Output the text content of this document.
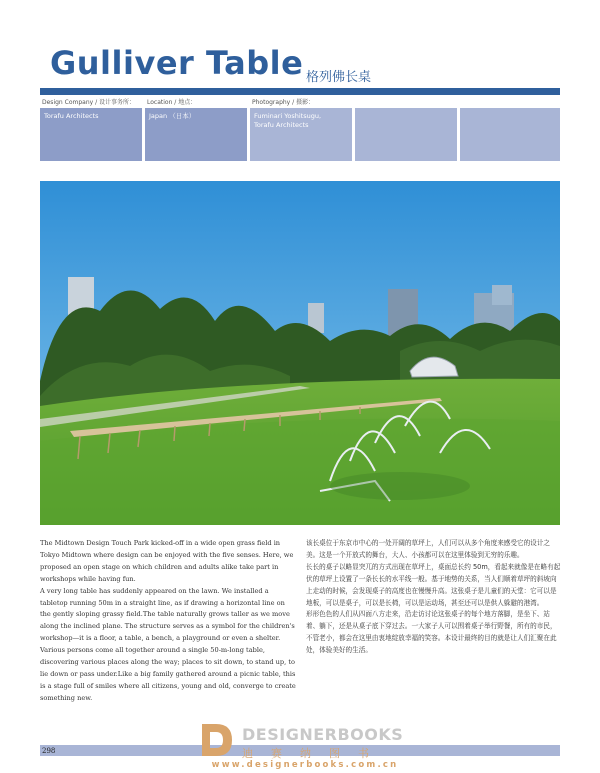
Gulliver Table 格列佛长桌
Design Company / 设计事务所： Location / 地点：	Photography / 摄影：
Torafu Architects	Japan （日本）	Fuminari Yoshitsugu,
Torafu Architects

The Midtown Design Touch Park kicked-off in a wide open grass field in Tokyo Midtown where design can be enjoyed with the five senses. Here, we proposed an open stage on which children and adults alike take part in workshops while having fun.

A very long table has suddenly appeared on the lawn. We installed a tabletop running 50m in a straight line, as if drawing a horizontal line on the gently sloping grassy field.The table naturally grows taller as we move along the inclined plane. The structure serves as a symbol for the children's workshop—it is a floor, a table, a bench, a playground or even a shelter.

Various persons come all together around a single 50-m-long table, discovering various places along the way; places to sit down, to stand up, to lie down or pass under.Like a big family gathered around a picnic table, this is a stage full of smiles where all citizens, young and old, converge to create something new.

该长桌位于东京市中心的一处开阔的草坪上，人们可以从多个角度来感受它的设计之美。这是一个开放式的舞台，大人、小孩都可以在这里体验到无穷的乐趣。

长长的桌子以略显突兀的方式出现在草坪上，桌面总长约 50m，看起来就像是在略有起伏的草坪上设置了一条长长的水平线一般。基于地势的关系，当人们顺着草坪的斜坡向上走动的时候，会发现桌子的高度也在慢慢升高。这张桌子是儿童们的天堂：它可以是地板，可以是桌子，可以是长椅，可以是运动场，甚至还可以是供人躲避的港湾。

形形色色的人们从四面八方走来，沿走访讨论这张桌子的每个地方落脚，是坐下、站着、躺下，还是从桌子底下穿过去。一大家子人可以围着桌子举行野餐，所有的市民，不管老小，都会在这里由衷地绽放幸福的笑容。本设计最终的目的就是让人们汇聚在此处，体验美好的生活。

298
DESIGNERBOOKS
迪赛纳图书
www.designerbooks.com.cn
